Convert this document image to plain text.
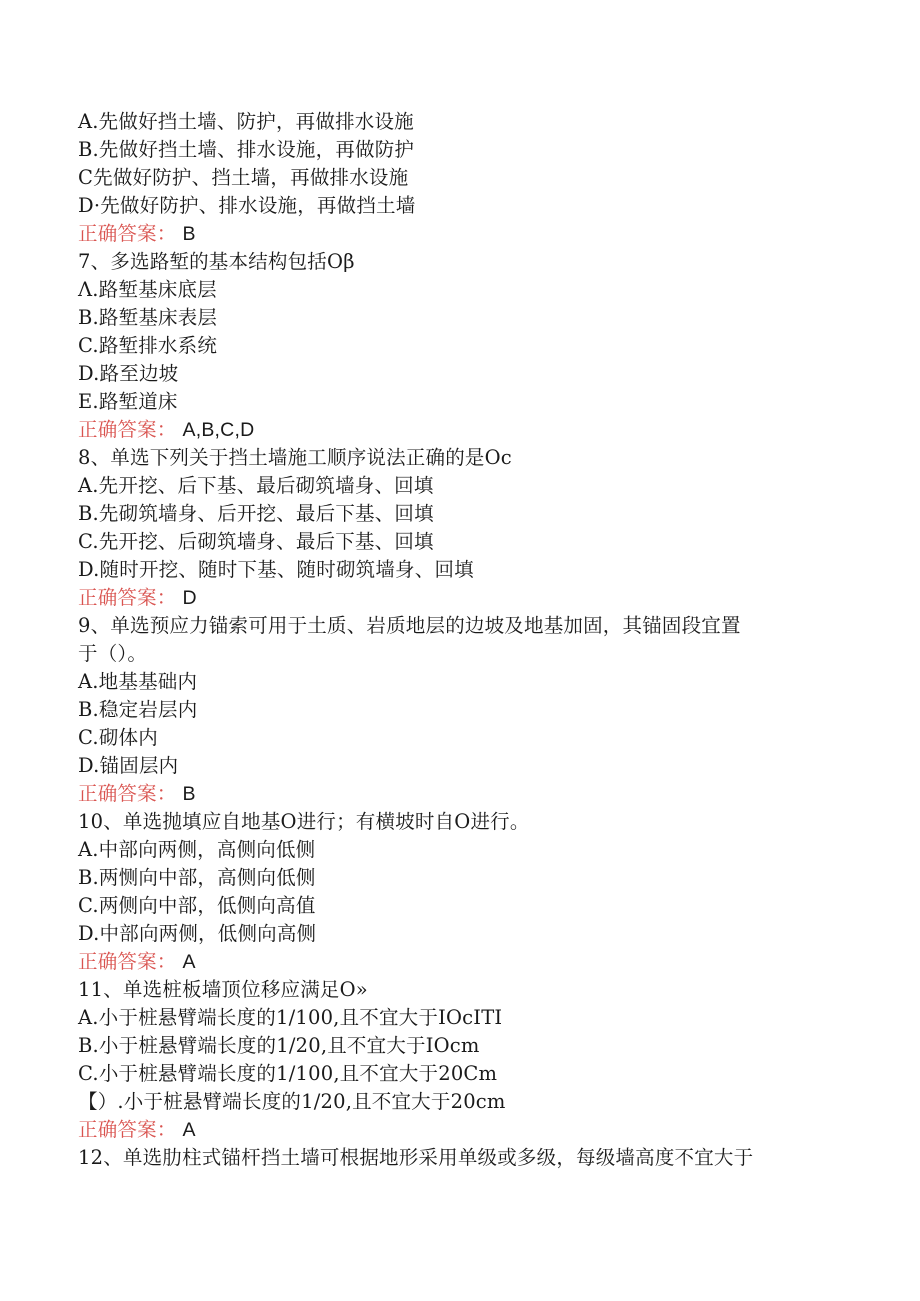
A.先做好挡土墙、防护，再做排水设施
B.先做好挡土墙、排水设施，再做防护
C先做好防护、挡土墙，再做排水设施
D·先做好防护、排水设施，再做挡土墙
正确答案： B
7、多选路堑的基本结构包括Oβ
Λ.路堑基床底层
B.路堑基床表层
C.路堑排水系统
D.路至边坡
E.路堑道床
正确答案： A,B,C,D
8、单选下列关于挡土墙施工顺序说法正确的是Oc
A.先开挖、后下基、最后砌筑墙身、回填
B.先砌筑墙身、后开挖、最后下基、回填
C.先开挖、后砌筑墙身、最后下基、回填
D.随时开挖、随时下基、随时砌筑墙身、回填
正确答案： D
9、单选预应力锚索可用于土质、岩质地层的边坡及地基加固，其锚固段宜置
于（）。
A.地基基础内
B.稳定岩层内
C.砌体内
D.锚固层内
正确答案： B
10、单选抛填应自地基O进行；有横坡时自O进行。
A.中部向两侧，高侧向低侧
B.两恻向中部，高侧向低侧
C.两侧向中部，低侧向高值
D.中部向两侧，低侧向高侧
正确答案： A
11、单选桩板墙顶位移应满足O»
A.小于桩悬臂端长度的1/100,且不宜大于IOcITI
B.小于桩悬臂端长度的1/20,且不宜大于IOcm
C.小于桩悬臂端长度的1/100,且不宜大于20Cm
【）.小于桩悬臂端长度的1/20,且不宜大于20cm
正确答案： A
12、单选肋柱式锚杆挡土墙可根据地形采用单级或多级，每级墙高度不宜大于
